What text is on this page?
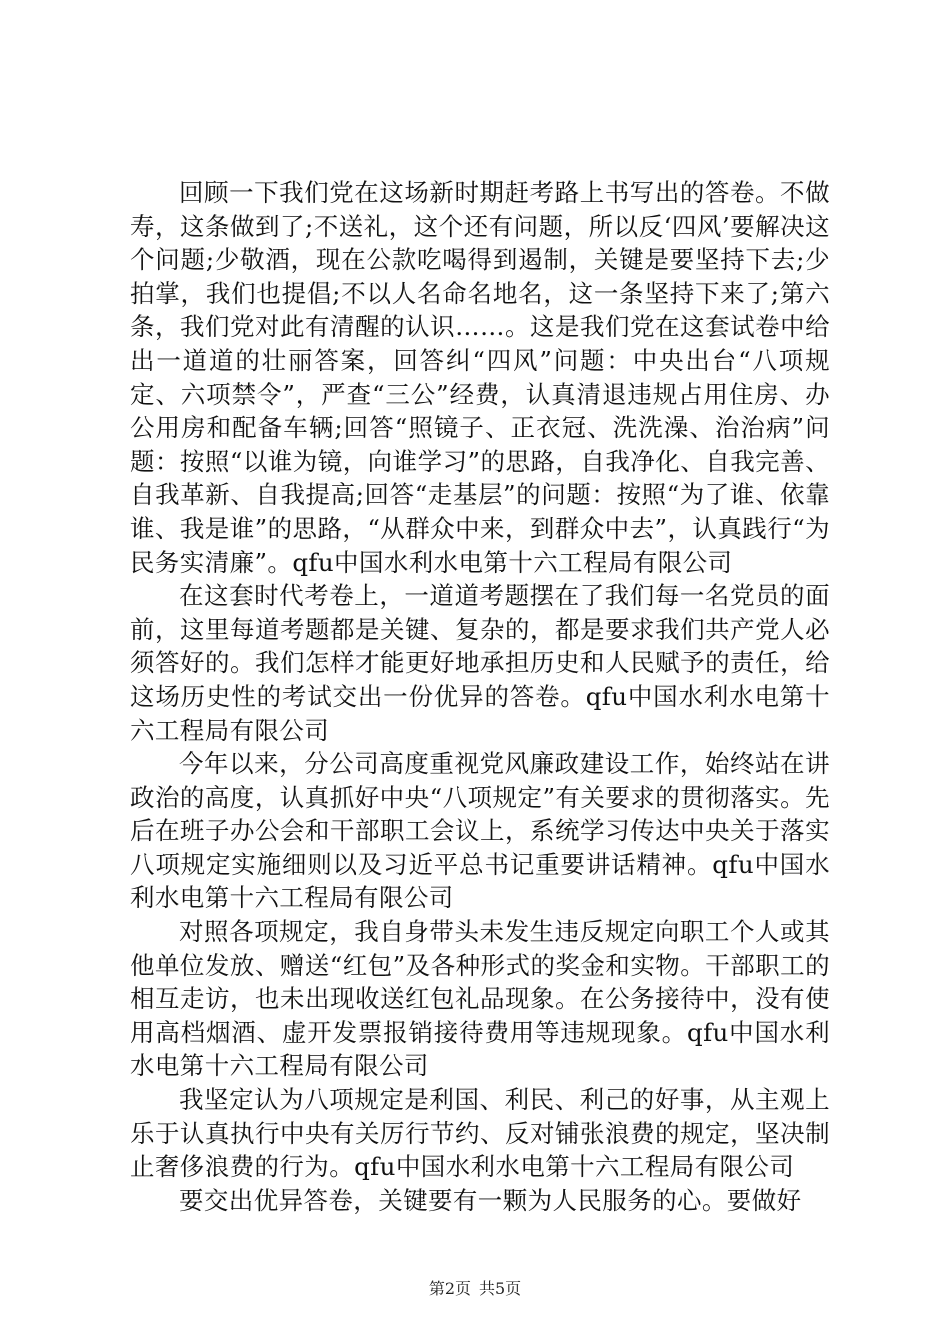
回顾一下我们党在这场新时期赶考路上书写出的答卷。不做寿，这条做到了;不送礼，这个还有问题，所以反‘四风’要解决这个问题;少敬酒，现在公款吃喝得到遏制，关键是要坚持下去;少拍掌，我们也提倡;不以人名命名地名，这一条坚持下来了;第六条，我们党对此有清醒的认识……。这是我们党在这套试卷中给出一道道的壮丽答案，回答纠“四风”问题：中央出台“八项规定、六项禁令”，严查“三公”经费，认真清退违规占用住房、办公用房和配备车辆;回答“照镜子、正衣冠、洗洗澡、治治病”问题：按照“以谁为镜，向谁学习”的思路，自我净化、自我完善、自我革新、自我提高;回答“走基层”的问题：按照“为了谁、依靠谁、我是谁”的思路，“从群众中来，到群众中去”，认真践行“为民务实清廉”。qfu中国水利水电第十六工程局有限公司

在这套时代考卷上，一道道考题摆在了我们每一名党员的面前，这里每道考题都是关键、复杂的，都是要求我们共产党人必须答好的。我们怎样才能更好地承担历史和人民赋予的责任，给这场历史性的考试交出一份优异的答卷。qfu中国水利水电第十六工程局有限公司

今年以来，分公司高度重视党风廉政建设工作，始终站在讲政治的高度，认真抓好中央“八项规定”有关要求的贯彻落实。先后在班子办公会和干部职工会议上，系统学习传达中央关于落实八项规定实施细则以及习近平总书记重要讲话精神。qfu中国水利水电第十六工程局有限公司

对照各项规定，我自身带头未发生违反规定向职工个人或其他单位发放、赠送“红包”及各种形式的奖金和实物。干部职工的相互走访，也未出现收送红包礼品现象。在公务接待中，没有使用高档烟酒、虚开发票报销接待费用等违规现象。qfu中国水利水电第十六工程局有限公司

我坚定认为八项规定是利国、利民、利己的好事，从主观上乐于认真执行中央有关厉行节约、反对铺张浪费的规定，坚决制止奢侈浪费的行为。qfu中国水利水电第十六工程局有限公司

要交出优异答卷，关键要有一颗为人民服务的心。要做好

第2页 共5页
